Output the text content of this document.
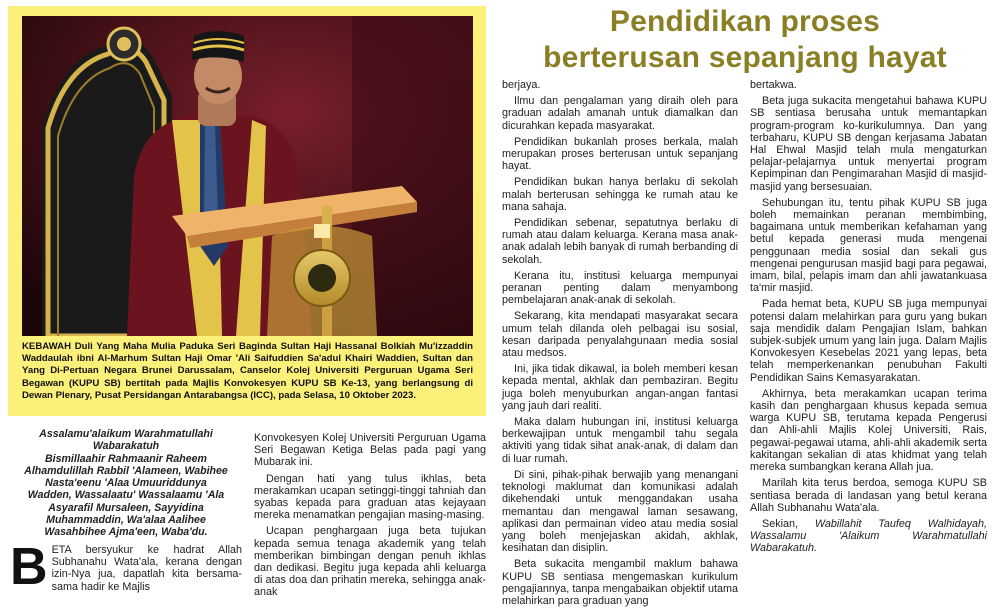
KEBAWAH Duli Yang Maha Mulia Paduka Seri Baginda Sultan Haji Hassanal Bolkiah Mu'izzaddin Waddaulah ibni Al-Marhum Sultan Haji Omar 'Ali Saifuddien Sa'adul Khairi Waddien, Sultan dan Yang Di-Pertuan Negara Brunei Darussalam, Canselor Kolej Universiti Perguruan Ugama Seri Begawan (KUPU SB) bertitah pada Majlis Konvokesyen KUPU SB Ke-13, yang berlangsung di Dewan Plenary, Pusat Persidangan Antarabangsa (ICC), pada Selasa, 10 Oktober 2023.
Pendidikan proses
berterusan sepanjang hayat
Assalamu'alaikum Warahmatullahi
Wabarakatuh
Bismillaahir Rahmaanir Raheem
Alhamdulillah Rabbil 'Alameen, Wabihee
Nasta'eenu 'Alaa Umuuriddunya
Wadden, Wassalaatu' Wassalaamu 'Ala
Asyarafil Mursaleen, Sayyidina
Muhammaddin, Wa'alaa Aalihee
Wasahbihee Ajma'een, Waba'du.
B ETA bersyukur ke hadrat Allah Subhanahu Wata'ala, kerana dengan izin-Nya jua, dapatlah kita bersama-sama hadir ke Majlis

Konvokesyen Kolej Universiti Perguruan Ugama Seri Begawan Ketiga Belas pada pagi yang Mubarak ini.

Dengan hati yang tulus ikhlas, beta merakamkan ucapan setinggi-tinggi tahniah dan syabas kepada para graduan atas kejayaan mereka menamatkan pengajian masing-masing.

Ucapan penghargaan juga beta tujukan kepada semua tenaga akademik yang telah memberikan bimbingan dengan penuh ikhlas dan dedikasi. Begitu juga kepada ahli keluarga di atas doa dan prihatin mereka, sehingga anak-anak

berjaya.

Ilmu dan pengalaman yang diraih oleh para graduan adalah amanah untuk diamalkan dan dicurahkan kepada masyarakat.

Pendidikan bukanlah proses berkala, malah merupakan proses berterusan untuk sepanjang hayat.

Pendidikan bukan hanya berlaku di sekolah malah berterusan sehingga ke rumah atau ke mana sahaja.

Pendidikan sebenar, sepatutnya berlaku di rumah atau dalam keluarga. Kerana masa anak-anak adalah lebih banyak di rumah berbanding di sekolah.

Kerana itu, institusi keluarga mempunyai peranan penting dalam menyambong pembelajaran anak-anak di sekolah.

Sekarang, kita mendapati masyarakat secara umum telah dilanda oleh pelbagai isu sosial, kesan daripada penyalahgunaan media sosial atau medsos.

Ini, jika tidak dikawal, ia boleh memberi kesan kepada mental, akhlak dan pembaziran. Begitu juga boleh menyuburkan angan-angan fantasi yang jauh dari realiti.

Maka dalam hubungan ini, institusi keluarga berkewajipan untuk mengambil tahu segala aktiviti yang tidak sihat anak-anak, di dalam dan di luar rumah.

Di sini, pihak-pihak berwajib yang menangani teknologi maklumat dan komunikasi adalah dikehendaki untuk menggandakan usaha memantau dan mengawal laman sesawang, aplikasi dan permainan video atau media sosial yang boleh menjejaskan akidah, akhlak, kesihatan dan disiplin.

Beta sukacita mengambil maklum bahawa KUPU SB sentiasa mengemaskan kurikulum pengajiannya, tanpa mengabaikan objektif utama melahirkan para graduan yang

bertakwa.

Beta juga sukacita mengetahui bahawa KUPU SB sentiasa berusaha untuk memantapkan program-program ko-kurikulumnya. Dan yang terbaharu, KUPU SB dengan kerjasama Jabatan Hal Ehwal Masjid telah mula mengaturkan pelajar-pelajarnya untuk menyertai program Kepimpinan dan Pengimarahan Masjid di masjid-masjid yang bersesuaian.

Sehubungan itu, tentu pihak KUPU SB juga boleh memainkan peranan membimbing, bagaimana untuk memberikan kefahaman yang betul kepada generasi muda mengenai penggunaan media sosial dan sekali gus mengenai pengurusan masjid bagi para pegawai, imam, bilal, pelapis imam dan ahli jawatankuasa ta'mir masjid.

Pada hemat beta, KUPU SB juga mempunyai potensi dalam melahirkan para guru yang bukan saja mendidik dalam Pengajian Islam, bahkan subjek-subjek umum yang lain juga. Dalam Majlis Konvokesyen Kesebelas 2021 yang lepas, beta telah memperkenankan penubuhan Fakulti Pendidikan Sains Kemasyarakatan.

Akhirnya, beta merakamkan ucapan terima kasih dan penghargaan khusus kepada semua warga KUPU SB, terutama kepada Pengerusi dan Ahli-ahli Majlis Kolej Universiti, Rais, pegawai-pegawai utama, ahli-ahli akademik serta kakitangan sekalian di atas khidmat yang telah mereka sumbangkan kerana Allah jua.

Marilah kita terus berdoa, semoga KUPU SB sentiasa berada di landasan yang betul kerana Allah Subhanahu Wata'ala.

Sekian, Wabillahit Taufeq Walhidayah, Wassalamu 'Alaikum Warahmatullahi Wabarakatuh.
